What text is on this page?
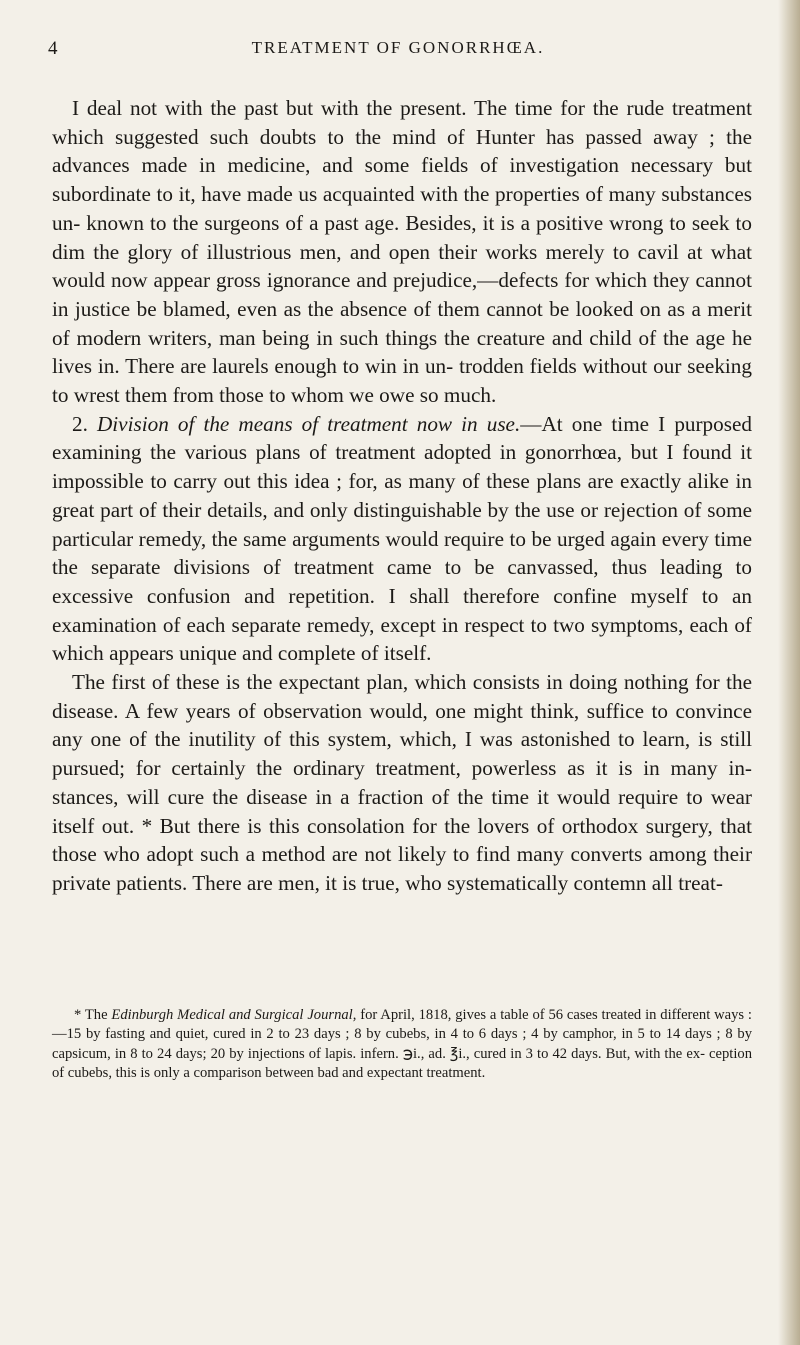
4	TREATMENT OF GONORRHŒA.

I deal not with the past but with the present. The time for the rude treatment which suggested such doubts to the mind of Hunter has passed away ; the advances made in medicine, and some fields of investigation necessary but subordinate to it, have made us acquainted with the properties of many substances un- known to the surgeons of a past age. Besides, it is a positive wrong to seek to dim the glory of illustrious men, and open their works merely to cavil at what would now appear gross ignorance and prejudice,—defects for which they cannot in justice be blamed, even as the absence of them cannot be looked on as a merit of modern writers, man being in such things the creature and child of the age he lives in. There are laurels enough to win in un- trodden fields without our seeking to wrest them from those to whom we owe so much.

2. Division of the means of treatment now in use.—At one time I purposed examining the various plans of treatment adopted in gonorrhœa, but I found it impossible to carry out this idea ; for, as many of these plans are exactly alike in great part of their details, and only distinguishable by the use or rejection of some particular remedy, the same arguments would require to be urged again every time the separate divisions of treatment came to be canvassed, thus leading to excessive confusion and repetition. I shall therefore confine myself to an examination of each separate remedy, except in respect to two symptoms, each of which appears unique and complete of itself.

The first of these is the expectant plan, which consists in doing nothing for the disease. A few years of observation would, one might think, suffice to convince any one of the inutility of this system, which, I was astonished to learn, is still pursued; for certainly the ordinary treatment, powerless as it is in many in- stances, will cure the disease in a fraction of the time it would require to wear itself out. * But there is this consolation for the lovers of orthodox surgery, that those who adopt such a method are not likely to find many converts among their private patients. There are men, it is true, who systematically contemn all treat-

* The Edinburgh Medical and Surgical Journal, for April, 1818, gives a table of 56 cases treated in different ways :—15 by fasting and quiet, cured in 2 to 23 days ; 8 by cubebs, in 4 to 6 days ; 4 by camphor, in 5 to 14 days ; 8 by capsicum, in 8 to 24 days; 20 by injections of lapis. infern. ℈i., ad. ℥i., cured in 3 to 42 days. But, with the ex- ception of cubebs, this is only a comparison between bad and expectant treatment.
